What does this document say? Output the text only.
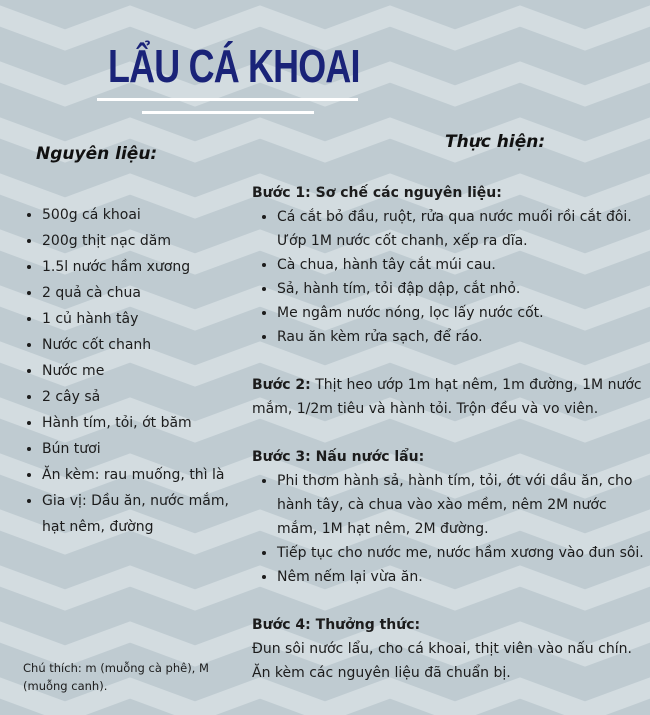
LẨU CÁ KHOAI
Nguyên liệu:
Thực hiện:
• 500g cá khoai
• 200g thịt nạc dăm
• 1.5l nước hầm xương
• 2 quả cà chua
• 1 củ hành tây
• Nước cốt chanh
• Nước me
• 2 cây sả
• Hành tím, tỏi, ớt băm
• Bún tươi
• Ăn kèm: rau muống, thì là
• Gia vị: Dầu ăn, nước mắm, hạt nêm, đường
Chú thích: m (muỗng cà phê), M (muỗng canh).

Bước 1: Sơ chế các nguyên liệu:

• Cá cắt bỏ đầu, ruột, rửa qua nước muối rồi cắt đôi. Ướp 1M nước cốt chanh, xếp ra dĩa.
• Cà chua, hành tây cắt múi cau.
• Sả, hành tím, tỏi đập dập, cắt nhỏ.
• Me ngâm nước nóng, lọc lấy nước cốt.
• Rau ăn kèm rửa sạch, để ráo.

Bước 2: Thịt heo ướp 1m hạt nêm, 1m đường, 1M nước mắm, 1/2m tiêu và hành tỏi. Trộn đều và vo viên.

Bước 3: Nấu nước lẩu:

• Phi thơm hành sả, hành tím, tỏi, ớt với dầu ăn, cho hành tây, cà chua vào xào mềm, nêm 2M nước mắm, 1M hạt nêm, 2M đường.
• Tiếp tục cho nước me, nước hầm xương vào đun sôi.
• Nêm nếm lại vừa ăn.

Bước 4: Thưởng thức:

Đun sôi nước lẩu, cho cá khoai, thịt viên vào nấu chín. Ăn kèm các nguyên liệu đã chuẩn bị.
